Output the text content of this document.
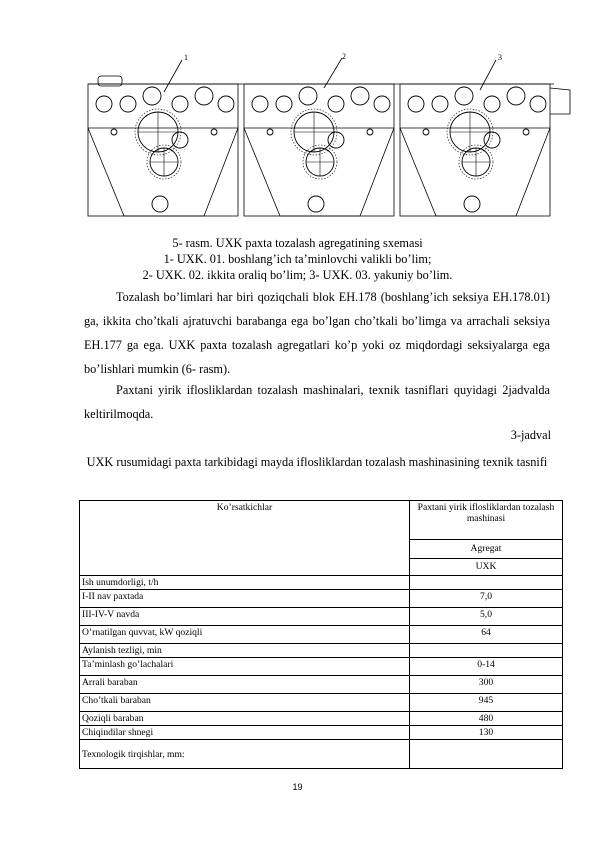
1	2	3
5- rasm. UXK paxta tozalash agregatining sxemasi
1- UXK. 01. boshlang’ich ta’minlovchi valikli bo’lim;
2- UXK. 02. ikkita oraliq bo’lim; 3- UXK. 03. yakuniy bo’lim.
Tozalash bo’limlari har biri qoziqchali blok EH.178 (boshlang’ich seksiya EH.178.01) ga, ikkita cho’tkali ajratuvchi barabanga ega bo’lgan cho’tkali bo’limga va arrachali seksiya EH.177 ga ega. UXK paxta tozalash agregatlari ko’p yoki oz miqdordagi seksiyalarga ega bo’lishlari mumkin (6- rasm).
Paxtani yirik iflosliklаrdan tozalash mashinalari, texnik tasniflari quyidagi 2jadvalda keltirilmoqda.
3-jadval
UXK rusumidagi paxta tarkibidagi mayda iflosliklаrdan tozalash mashinasining texnik tasnifi
Ko’rsatkichlar	Paxtani yirik iflosliklаrdan tozalash mashinasi
	Agregat
	UXK
Ish unumdorligi, t/h	
I-II nav paxtada	7,0
III-IV-V navda	5,0
O’rnatilgan quvvat, kW qoziqli	64
Aylanish tezligi, min	
Ta’minlash go’lachalari	0-14
Arrali baraban	300
Cho’tkali baraban	945
Qoziqli baraban	480
Chiqindilar shnegi	130
Texnologik tirqishlar, mm:	
19
